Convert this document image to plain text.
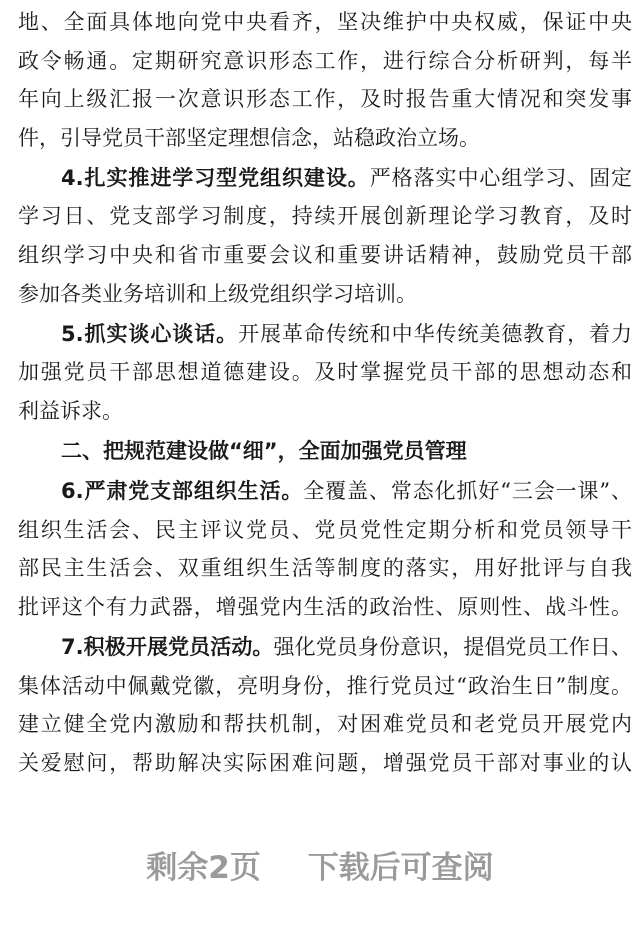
地、全面具体地向党中央看齐，坚决维护中央权威，保证中央
政令畅通。定期研究意识形态工作，进行综合分析研判，每半
年向上级汇报一次意识形态工作，及时报告重大情况和突发事
件，引导党员干部坚定理想信念，站稳政治立场。
4.扎实推进学习型党组织建设。严格落实中心组学习、固定
学习日、党支部学习制度，持续开展创新理论学习教育，及时
组织学习中央和省市重要会议和重要讲话精神，鼓励党员干部
参加各类业务培训和上级党组织学习培训。
5.抓实谈心谈话。开展革命传统和中华传统美德教育，着力
加强党员干部思想道德建设。及时掌握党员干部的思想动态和
利益诉求。
二、把规范建设做“细”，全面加强党员管理
6.严肃党支部组织生活。全覆盖、常态化抓好“三会一课”、
组织生活会、民主评议党员、党员党性定期分析和党员领导干
部民主生活会、双重组织生活等制度的落实，用好批评与自我
批评这个有力武器，增强党内生活的政治性、原则性、战斗性。
7.积极开展党员活动。强化党员身份意识，提倡党员工作日、
集体活动中佩戴党徽，亮明身份，推行党员过“政治生日”制度。
建立健全党内激励和帮扶机制，对困难党员和老党员开展党内
关爱慰问，帮助解决实际困难问题，增强党员干部对事业的认
剩余2页 下载后可查阅
